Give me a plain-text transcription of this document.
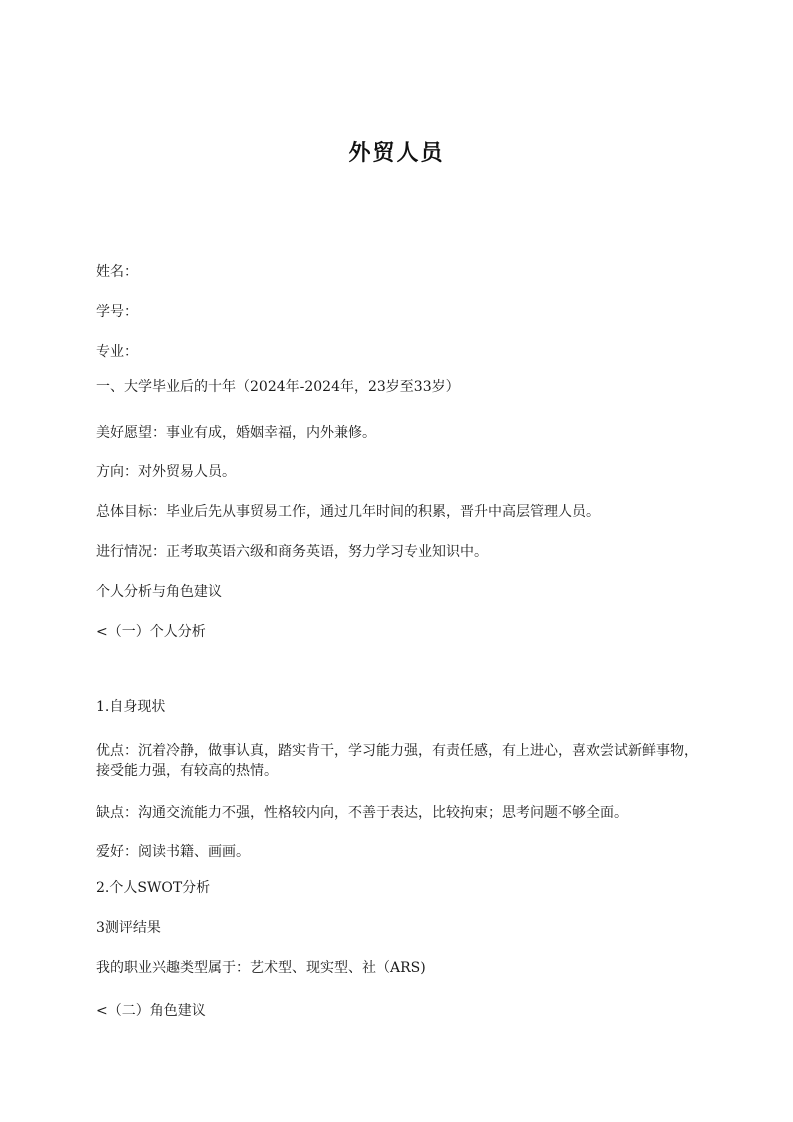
外贸人员
姓名：
学号：
专业：
一、大学毕业后的十年（2024年-2024年，23岁至33岁）
美好愿望：事业有成，婚姻幸福，内外兼修。
方向：对外贸易人员。
总体目标：毕业后先从事贸易工作，通过几年时间的积累，晋升中高层管理人员。
进行情况：正考取英语六级和商务英语，努力学习专业知识中。
个人分析与角色建议
<（一）个人分析
1.自身现状
优点：沉着冷静，做事认真，踏实肯干，学习能力强，有责任感，有上进心，喜欢尝试新鲜事物，接受能力强，有较高的热情。
缺点：沟通交流能力不强，性格较内向，不善于表达，比较拘束；思考问题不够全面。
爱好：阅读书籍、画画。
2.个人SWOT分析
3测评结果
我的职业兴趣类型属于：艺术型、现实型、社（ARS)
<（二）角色建议
